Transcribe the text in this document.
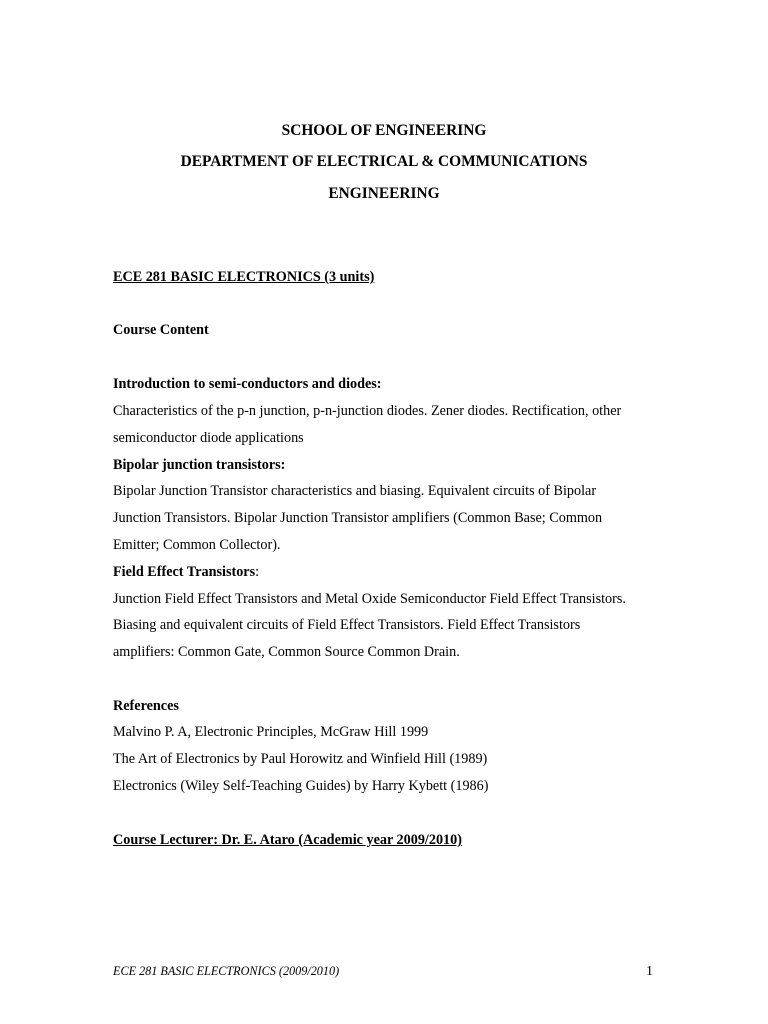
SCHOOL OF ENGINEERING
DEPARTMENT OF ELECTRICAL & COMMUNICATIONS
ENGINEERING
ECE 281 BASIC ELECTRONICS (3 units)
Course Content
Introduction to semi-conductors and diodes:
Characteristics of the p-n junction, p-n-junction diodes. Zener diodes. Rectification, other
semiconductor diode applications
Bipolar junction transistors:
Bipolar Junction Transistor characteristics and biasing. Equivalent circuits of Bipolar
Junction Transistors. Bipolar Junction Transistor amplifiers (Common Base; Common
Emitter; Common Collector).
Field Effect Transistors:
Junction Field Effect Transistors and Metal Oxide Semiconductor Field Effect Transistors.
Biasing and equivalent circuits of Field Effect Transistors. Field Effect Transistors
amplifiers: Common Gate, Common Source Common Drain.
References
Malvino P. A, Electronic Principles, McGraw Hill 1999
The Art of Electronics by Paul Horowitz and Winfield Hill (1989)
Electronics (Wiley Self-Teaching Guides) by Harry Kybett (1986)
Course Lecturer: Dr. E. Ataro (Academic year 2009/2010)
ECE 281 BASIC ELECTRONICS (2009/2010)	1
